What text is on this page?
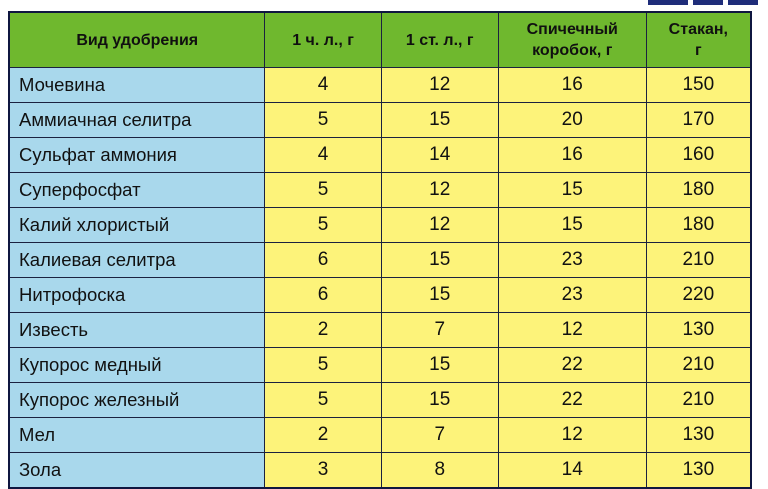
Вид удобрения	1 ч. л., г	1 ст. л., г	Спичечный коробок, г	Стакан, г
Мочевина	4	12	16	150
Аммиачная селитра	5	15	20	170
Сульфат аммония	4	14	16	160
Суперфосфат	5	12	15	180
Калий хлористый	5	12	15	180
Калиевая селитра	6	15	23	210
Нитрофоска	6	15	23	220
Известь	2	7	12	130
Купорос медный	5	15	22	210
Купорос железный	5	15	22	210
Мел	2	7	12	130
Зола	3	8	14	130
